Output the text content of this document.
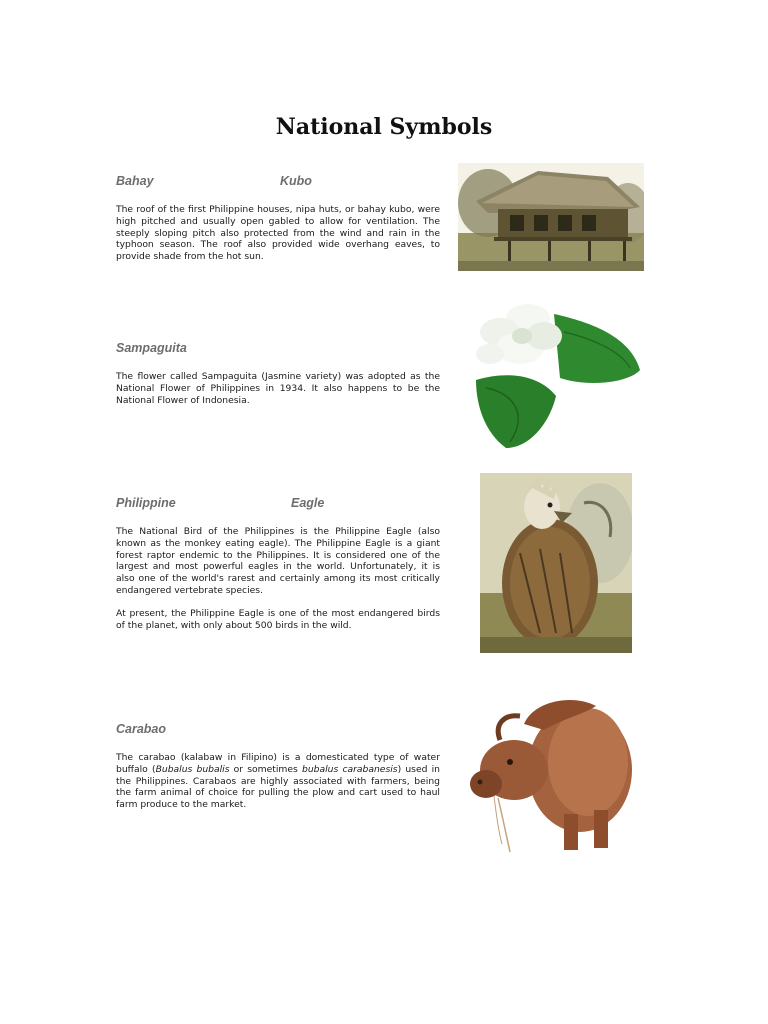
National Symbols
Bahay	Kubo

The roof of the first Philippine houses, nipa huts, or bahay kubo, were high pitched and usually open gabled to allow for ventilation. The steeply sloping pitch also protected from the wind and rain in the typhoon season. The roof also provided wide overhang eaves, to provide shade from the hot sun.

Sampaguita

The flower called Sampaguita (Jasmine variety) was adopted as the National Flower of Philippines in 1934. It also happens to be the National Flower of Indonesia.

Philippine	Eagle

The National Bird of the Philippines is the Philippine Eagle (also known as the monkey eating eagle). The Philippine Eagle is a giant forest raptor endemic to the Philippines. It is considered one of the largest and most powerful eagles in the world. Unfortunately, it is also one of the world's rarest and certainly among its most critically endangered vertebrate species.

At present, the Philippine Eagle is one of the most endangered birds of the planet, with only about 500 birds in the wild.

Carabao

The carabao (kalabaw in Filipino) is a domesticated type of water buffalo (Bubalus bubalis or sometimes bubalus carabanesis) used in the Philippines. Carabaos are highly associated with farmers, being the farm animal of choice for pulling the plow and cart used to haul farm produce to the market.
